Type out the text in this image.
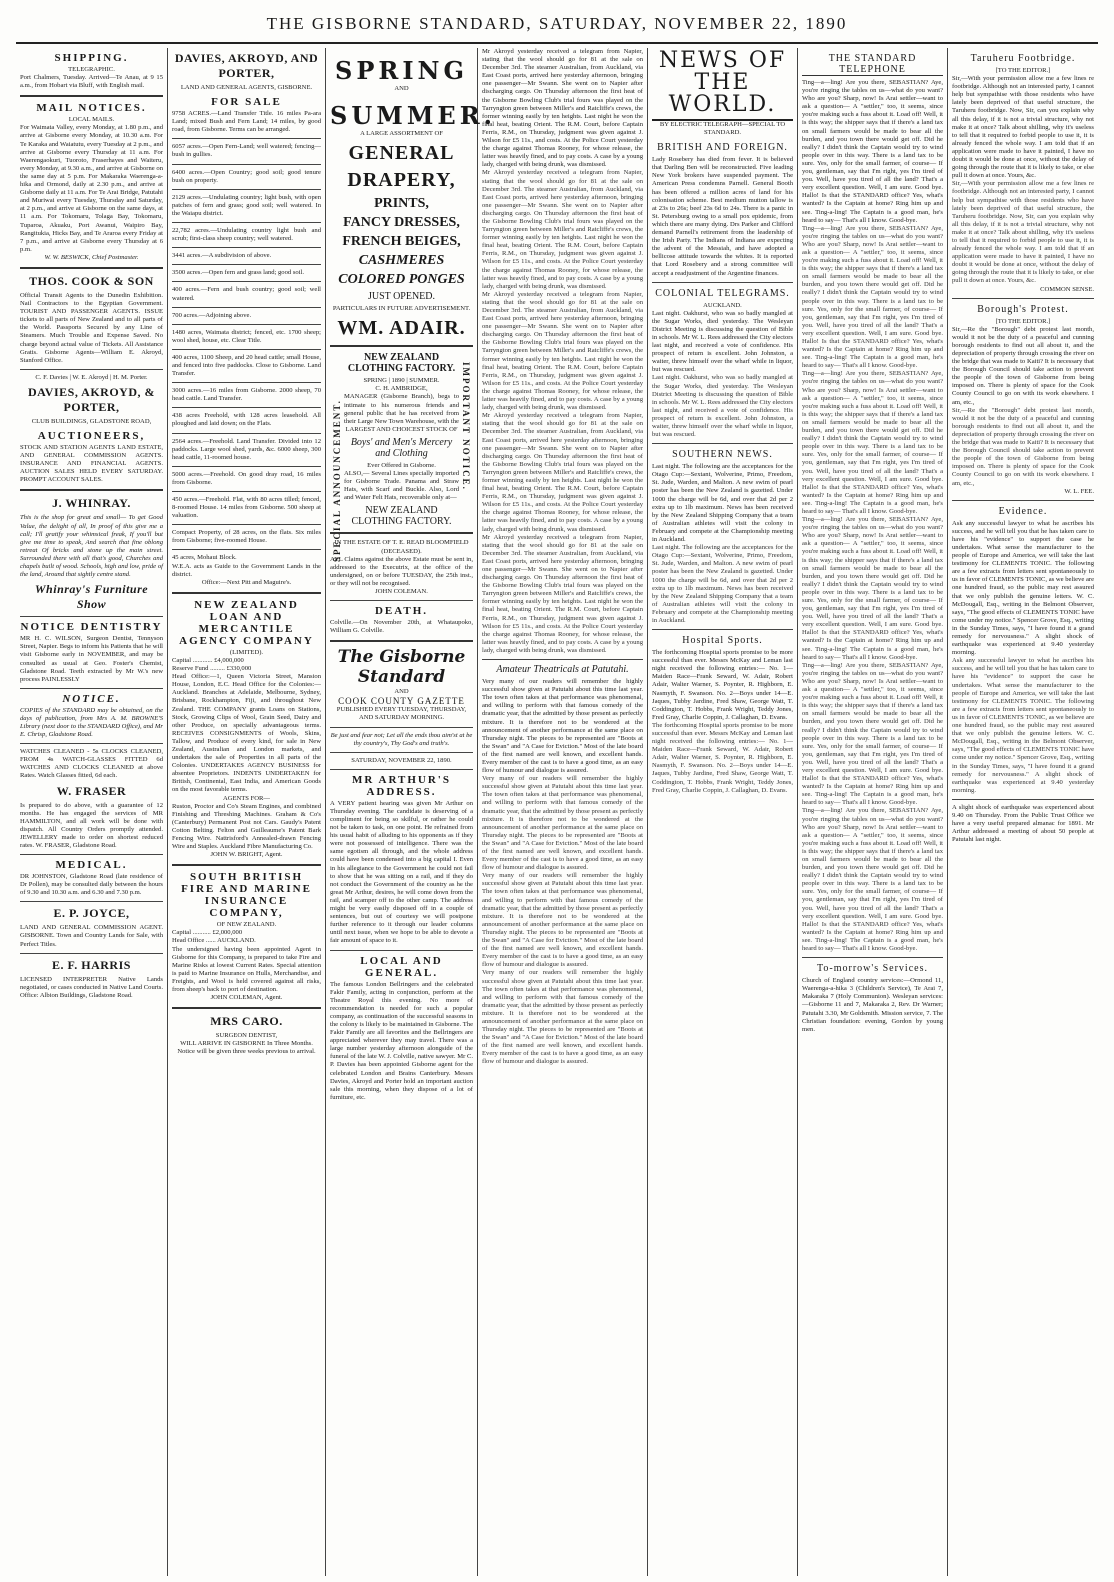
THE GISBORNE STANDARD, SATURDAY, NOVEMBER 22, 1890
SHIPPING.
TELEGRAPHIC.
Port Chalmers, Tuesday. Arrived—Te Anau, at 9 15 a.m., from Hobart via Bluff, with English mail.
MAIL NOTICES.
LOCAL MAILS.
For Waimata Valley, every Monday, at 1.80 p.m., and arrive at Gisborne every Monday, at 10.30 a.m. For Te Karaka and Waiatutu, every Tuesday at 2 p.m., and arrive at Gisborne every Thursday at 11 a.m. For Waerengaokuri, Tuoroto, Fraserhayes and Waiteru, every Monday, at 9.30 a.m., and arrive at Gisborne on the same day at 5 p.m. For Makaraka Waerenga-a-hika and Ormond, daily at 2.30 p.m., and arrive at Gisborne daily at 11 a.m. For Te Arai Bridge, Patutahi and Muriwai every Tuesday, Thursday and Saturday, at 2 p.m., and arrive at Gisborne on the same days, at 11 a.m. For Tokomaru, Tolaga Bay, Tokomaru, Tuparoa, Akuaku, Port Awanui, Waipiro Bay, Rangitukia, Hicks Bay, and Te Araroa every Friday at 7 p.m., and arrive at Gisborne every Thursday at 6 p.m.
W. W. BESWICK, Chief Postmaster.
THOS. COOK & SON
Official Transit Agents to the Dunedin Exhibition. Nail Contractors to the Egyptian Government. TOURIST AND PASSENGER AGENTS. ISSUE tickets to all parts of New Zealand and to all parts of the World. Passports Secured by any Line of Steamers. Much Trouble and Expense Saved. No charge beyond actual value of Tickets. All Assistance Gratis. Gisborne Agents—William E. Akroyd, Stanford Office.
C. F. Davies | W. E. Akroyd | H. M. Porter.
DAVIES, AKROYD, & PORTER,
CLUB BUILDINGS, GLADSTONE ROAD,
AUCTIONEERS,
STOCK AND STATION AGENTS LAND ESTATE, AND GENERAL COMMISSION AGENTS. INSURANCE AND FINANCIAL AGENTS. AUCTION SALES HELD EVERY SATURDAY. PROMPT ACCOUNT SALES.
J. WHINRAY.
This is the shop for great and small— To get Good Value, the delight of all, In proof of this give me a call; I'll gratify your whimsical freak, If you'll but give me time to speak, And search that fine oblong retreat Of bricks and stone up the main street. Surrounded there with all that's good, Churches and chapels built of wood. Schools, high and low, pride of the land, Around that sightly centre stand.
Whinray's Furniture Show
NOTICE DENTISTRY
MR H. C. WILSON, Surgeon Dentist, Tennyson Street, Napier. Begs to inform his Patients that he will visit Gisborne early in NOVEMBER, and may be consulted as usual at Geo. Foster's Chemist, Gladstone Road. Teeth extracted by Mr W.'s new process PAINLESSLY
NOTICE.
COPIES of the STANDARD may be obtained, on the days of publication, from Mrs A. M. BROWNE'S Library (next door to the STANDARD Office), and Mr E. Chrisp, Gladstone Road.
WATCHES CLEANED - 5s CLOCKS CLEANED, FROM 4s WATCH-GLASSES FITTED 6d WATCHES AND CLOCKS CLEANED at above Rates. Watch Glasses fitted, 6d each.
W. FRASER
Is prepared to do above, with a guarantee of 12 months. He has engaged the services of MR HAMMILTON, and all work will be done with dispatch. All Country Orders promptly attended. JEWELLERY made to order on shortest reduced rates. W. FRASER, Gladstone Road.
MEDICAL.
DR JOHNSTON, Gladstone Road (late residence of Dr Pollen), may be consulted daily between the hours of 9.30 and 10.30 a.m. and 6.30 and 7.30 p.m.
E. P. JOYCE,
LAND AND GENERAL COMMISSION AGENT. GISBORNE. Town and Country Lands for Sale, with Perfect Titles.
E. F. HARRIS
LICENSED INTERPRETER Native Lands negotiated, or cases conducted in Native Land Courts. Office: Albion Buildings, Gladstone Road.
DAVIES, AKROYD, AND PORTER,
LAND AND GENERAL AGENTS, GISBORNE.
FOR SALE
9758 ACRES.—Land Transfer Title. 16 miles Pa-ara Land; mixed Bush and Fern Land; 14 miles, by good road, from Gisborne. Terms can be arranged.
6057 acres.—Open Fern-Land; well watered; fencing—bush in gullies.
6400 acres.—Open Country; good soil; good tenure bush on property.
2129 acres.—Undulating country; light bush, with open patches of fern and grass; good soil; well watered. In the Waiapu district.
22,782 acres.—Undulating country light bush and scrub; first-class sheep country; well watered.
3441 acres.—A subdivision of above.
3500 acres.—Open fern and grass land; good soil.
400 acres.—Fern and bush country; good soil; well watered.
700 acres.—Adjoining above.
1480 acres, Waimata district; fenced, etc. 1700 sheep; wool shed, house, etc. Clear Title.
400 acres, 1100 Sheep, and 20 head cattle; small House, and fenced into five paddocks. Close to Gisborne. Land Transfer.
3000 acres.—16 miles from Gisborne. 2000 sheep, 70 head cattle. Land Transfer.
438 acres Freehold, with 128 acres leasehold. All ploughed and laid down; on the Flats.
2564 acres.—Freehold. Land Transfer. Divided into 12 paddocks. Large wool shed, yards, &c. 6000 sheep, 300 head cattle, 11-roomed house.
5000 acres.—Freehold. On good dray road, 16 miles from Gisborne.
450 acres.—Freehold. Flat, with 80 acres tilled; fenced, 8-roomed House. 14 miles from Gisborne. 500 sheep at valuation.
Compact Property, of 28 acres, on the flats. Six miles from Gisborne; five-roomed House.
45 acres, Mohaui Block.
W.E.A. acts as Guide to the Government Lands in the district.
Office:—Next Pitt and Maguire's.
NEW ZEALAND LOAN AND MERCANTILE AGENCY COMPANY
(LIMITED).
Capital ............ £4,000,000
Reserve Fund ......... £330,000
Head Office:—1, Queen Victoria Street, Mansion House, London, E.C. Head Office for the Colonies:—Auckland. Branches at Adelaide, Melbourne, Sydney, Brisbane, Rockhampton, Fiji, and throughout New Zealand. THE COMPANY grants Loans on Stations, Stock, Growing Clips of Wool, Grain Seed, Dairy and other Produce, on specially advantageous terms. RECEIVES CONSIGNMENTS of Wools, Skins, Tallow, and Produce of every kind, for sale in New Zealand, Australian and London markets, and undertakes the sale of Properties in all parts of the Colonies. UNDERTAKES AGENCY BUSINESS for absentee Proprietors. INDENTS UNDERTAKEN for British, Continental, East India, and American Goods on the most favorable terms.
AGENTS FOR—
Ruston, Proctor and Co's Steam Engines, and combined Finishing and Threshing Machines. Graham & Co's (Canterbury) Permanent Post not Cars. Gaudy's Patent Cotton Belting. Felton and Guilleaume's Patent Bark Fencing Wire. Nattrisford's Annealed-drawn Fencing Wire and Staples. Auckland Fibre Manufacturing Co.
JOHN W. BRIGHT, Agent.
SOUTH BRITISH FIRE AND MARINE INSURANCE COMPANY,
OF NEW ZEALAND.
Capital ........... £2,000,000
Head Office ...... AUCKLAND.
The undersigned having been appointed Agent in Gisborne for this Company, is prepared to take Fire and Marine Risks at lowest Current Rates. Special attention is paid to Marine Insurance on Hulls, Merchandise, and Freights, and Wool is held covered against all risks, from sheep's back to port of destination.
JOHN COLEMAN, Agent.
MRS CARO.
SURGEON DENTIST,
WILL ARRIVE IN GISBORNE In Three Months. Notice will be given three weeks previous to arrival.
SPRING
AND
SUMMER.
A LARGE ASSORTMENT OF
GENERAL
DRAPERY,
PRINTS,
FANCY DRESSES,
FRENCH BEIGES,
CASHMERES
COLORED PONGES
JUST OPENED.
PARTICULARS IN FUTURE ADVERTISEMENT.
WM. ADAIR.
SPECIAL ANNOUNCEMENT.	IMPORTANT NOTICE.
NEW ZEALAND CLOTHING FACTORY.
SPRING | 1890 | SUMMER.
C. H. AMBRIDGE,
MANAGER (Gisborne Branch), begs to intimate to his numerous friends and general public that he has received from their Large New Town Warehouse, with the
LARGEST AND CHOICEST STOCK OF
Boys' and Men's Mercery and Clothing
Ever Offered in Gisborne.
ALSO,— Several Lines specially imported for Gisborne Trade. Panama and Straw Hats, with Scarf and Buckle. Also, Lord and Water Felt Hats, recoverable only at—
NEW ZEALAND CLOTHING FACTORY.
IN THE ESTATE OF T. E. READ BLOOMFIELD (DECEASED).
ALL Claims against the above Estate must be sent in, addressed to the Executrix, at the office of the undersigned, on or before TUESDAY, the 25th inst., or they will not be recognised.
JOHN COLEMAN.
DEATH.
Colville.—On November 20th, at Whataupoko, William G. Colville.
The Gisborne Standard
AND
COOK COUNTY GAZETTE
PUBLISHED EVERY TUESDAY, THURSDAY, AND SATURDAY MORNING.
Be just and fear not; Let all the ends thou aim'st at be thy country's, Thy God's and truth's.
SATURDAY, NOVEMBER 22, 1890.
MR ARTHUR'S ADDRESS.
A VERY patient hearing was given Mr Arthur on Thursday evening. The candidate is deserving of a compliment for being so skilful, or rather he could not be taken to task, on one point. He refrained from his usual habit of alluding to his opponents as if they were not possessed of intelligence. There was the same egotism all through, and the whole address could have been condensed into a big capital I. Even in his allegiance to the Government he could not fail to show that he was sitting on a rail, and if they do not conduct the Government of the country as he the great Mr Arthur, desires, he will come down from the rail, and scamper off to the other camp. The address might be very easily disposed off in a couple of sentences, but out of courtesy we will postpone further reference to it through our leader columns until next issue, when we hope to be able to devote a fair amount of space to it.
LOCAL AND GENERAL.
The famous London Bellringers and the celebrated Fakir Family, acting in conjunction, perform at the Theatre Royal this evening. No more of recommendation is needed for such a popular company, as continuation of the successful seasons in the colony is likely to be maintained in Gisborne. The Fakir Family are all favorites and the Bellringers are appreciated wherever they may travel. There was a large number yesterday afternoon alongside of the funeral of the late W. J. Colville, native sawyer. Mr C. P. Davies has been appointed Gisborne agent for the celebrated London and Brains Canterbury. Messrs Davies, Akroyd and Porter hold an important auction sale this morning, when they dispose of a lot of furniture, etc.
Mr Akroyd yesterday received a telegram from Napier, stating that the wool should go for 81 at the sale on December 3rd. The steamer Australian, from Auckland, via East Coast ports, arrived here yesterday afternoon, bringing one passenger—Mr Swann. She went on to Napier after discharging cargo. On Thursday afternoon the first heat of the Gisborne Bowling Club's trial fours was played on the Tarryngton green between Miller's and Ratcliffe's crews, the former winning easily by ten heights. Last night he won the final heat, beating Orient. The R.M. Court, before Captain Ferris, R.M., on Thursday, judgment was given against J. Wilson for £5 11s., and costs. At the Police Court yesterday the charge against Thomas Rooney, for whose release, the latter was heavily fined, and to pay costs. A case by a young lady, charged with being drunk, was dismissed.
Mr Akroyd yesterday received a telegram from Napier, stating that the wool should go for 81 at the sale on December 3rd. The steamer Australian, from Auckland, via East Coast ports, arrived here yesterday afternoon, bringing one passenger—Mr Swann. She went on to Napier after discharging cargo. On Thursday afternoon the first heat of the Gisborne Bowling Club's trial fours was played on the Tarryngton green between Miller's and Ratcliffe's crews, the former winning easily by ten heights. Last night he won the final heat, beating Orient. The R.M. Court, before Captain Ferris, R.M., on Thursday, judgment was given against J. Wilson for £5 11s., and costs. At the Police Court yesterday the charge against Thomas Rooney, for whose release, the latter was heavily fined, and to pay costs. A case by a young lady, charged with being drunk, was dismissed.
Mr Akroyd yesterday received a telegram from Napier, stating that the wool should go for 81 at the sale on December 3rd. The steamer Australian, from Auckland, via East Coast ports, arrived here yesterday afternoon, bringing one passenger—Mr Swann. She went on to Napier after discharging cargo. On Thursday afternoon the first heat of the Gisborne Bowling Club's trial fours was played on the Tarryngton green between Miller's and Ratcliffe's crews, the former winning easily by ten heights. Last night he won the final heat, beating Orient. The R.M. Court, before Captain Ferris, R.M., on Thursday, judgment was given against J. Wilson for £5 11s., and costs. At the Police Court yesterday the charge against Thomas Rooney, for whose release, the latter was heavily fined, and to pay costs. A case by a young lady, charged with being drunk, was dismissed.
Mr Akroyd yesterday received a telegram from Napier, stating that the wool should go for 81 at the sale on December 3rd. The steamer Australian, from Auckland, via East Coast ports, arrived here yesterday afternoon, bringing one passenger—Mr Swann. She went on to Napier after discharging cargo. On Thursday afternoon the first heat of the Gisborne Bowling Club's trial fours was played on the Tarryngton green between Miller's and Ratcliffe's crews, the former winning easily by ten heights. Last night he won the final heat, beating Orient. The R.M. Court, before Captain Ferris, R.M., on Thursday, judgment was given against J. Wilson for £5 11s., and costs. At the Police Court yesterday the charge against Thomas Rooney, for whose release, the latter was heavily fined, and to pay costs. A case by a young lady, charged with being drunk, was dismissed.
Mr Akroyd yesterday received a telegram from Napier, stating that the wool should go for 81 at the sale on December 3rd. The steamer Australian, from Auckland, via East Coast ports, arrived here yesterday afternoon, bringing one passenger—Mr Swann. She went on to Napier after discharging cargo. On Thursday afternoon the first heat of the Gisborne Bowling Club's trial fours was played on the Tarryngton green between Miller's and Ratcliffe's crews, the former winning easily by ten heights. Last night he won the final heat, beating Orient. The R.M. Court, before Captain Ferris, R.M., on Thursday, judgment was given against J. Wilson for £5 11s., and costs. At the Police Court yesterday the charge against Thomas Rooney, for whose release, the latter was heavily fined, and to pay costs. A case by a young lady, charged with being drunk, was dismissed.
Amateur Theatricals at Patutahi.
Very many of our readers will remember the highly successful show given at Patutahi about this time last year. The town often takes at that performance was phenomenal, and willing to perform with that famous comedy of the dramatic year, that the admitted by those present as perfectly mixture. It is therefore not to be wondered at the announcement of another performance at the same place on Thursday night. The pieces to be represented are "Boots at the Swan" and "A Case for Eviction." Most of the late board of the first named are well known, and excellent hands. Every member of the cast is to have a good time, as an easy flow of humour and dialogue is assured.
Very many of our readers will remember the highly successful show given at Patutahi about this time last year. The town often takes at that performance was phenomenal, and willing to perform with that famous comedy of the dramatic year, that the admitted by those present as perfectly mixture. It is therefore not to be wondered at the announcement of another performance at the same place on Thursday night. The pieces to be represented are "Boots at the Swan" and "A Case for Eviction." Most of the late board of the first named are well known, and excellent hands. Every member of the cast is to have a good time, as an easy flow of humour and dialogue is assured.
Very many of our readers will remember the highly successful show given at Patutahi about this time last year. The town often takes at that performance was phenomenal, and willing to perform with that famous comedy of the dramatic year, that the admitted by those present as perfectly mixture. It is therefore not to be wondered at the announcement of another performance at the same place on Thursday night. The pieces to be represented are "Boots at the Swan" and "A Case for Eviction." Most of the late board of the first named are well known, and excellent hands. Every member of the cast is to have a good time, as an easy flow of humour and dialogue is assured.
Very many of our readers will remember the highly successful show given at Patutahi about this time last year. The town often takes at that performance was phenomenal, and willing to perform with that famous comedy of the dramatic year, that the admitted by those present as perfectly mixture. It is therefore not to be wondered at the announcement of another performance at the same place on Thursday night. The pieces to be represented are "Boots at the Swan" and "A Case for Eviction." Most of the late board of the first named are well known, and excellent hands. Every member of the cast is to have a good time, as an easy flow of humour and dialogue is assured.
NEWS OF THE WORLD.
BY ELECTRIC TELEGRAPH—SPECIAL TO STANDARD.
BRITISH AND FOREIGN.
Lady Rosebery has died from fever. It is believed that Darling Ben will be reconstructed. Five leading New York brokers have suspended payment. The American Press condemns Parnell. General Booth has been offered a million acres of land for his colonisation scheme. Best medium mutton tallow is at 23s to 26s; beef 23s 6d to 24s. There is a panic in St. Petersburg owing to a small pox epidemic, from which there are many dying. Drs Parker and Clifford demand Parnell's retirement from the leadership of the Irish Party. The Indians of Indiana are expecting the advent of the Messiah, and have adopted a bellicose attitude towards the whites. It is reported that Lord Rosebery and a strong committee will accept a readjustment of the Argentine finances.
COLONIAL TELEGRAMS.
AUCKLAND.
Last night. Oakhurst, who was so badly mangled at the Sugar Works, died yesterday. The Wesleyan District Meeting is discussing the question of Bible in schools. Mr W. L. Rees addressed the City electors last night, and received a vote of confidence. His prospect of return is excellent. John Johnston, a waiter, threw himself over the wharf while in liquor, but was rescued.
Last night. Oakhurst, who was so badly mangled at the Sugar Works, died yesterday. The Wesleyan District Meeting is discussing the question of Bible in schools. Mr W. L. Rees addressed the City electors last night, and received a vote of confidence. His prospect of return is excellent. John Johnston, a waiter, threw himself over the wharf while in liquor, but was rescued.
SOUTHERN NEWS.
Last night. The following are the acceptances for the Otago Cup:—Sextant, Wolverine, Primo, Freedom, St. Jude, Warden, and Malton. A new swim of pearl poster has been the New Zealand is gazetted. Under 1000 the charge will be 6d, and over that 2d per 2 extra up to 1lb maximum. News has been received by the New Zealand Shipping Company that a team of Australian athletes will visit the colony in February and compete at the Championship meeting in Auckland.
Last night. The following are the acceptances for the Otago Cup:—Sextant, Wolverine, Primo, Freedom, St. Jude, Warden, and Malton. A new swim of pearl poster has been the New Zealand is gazetted. Under 1000 the charge will be 6d, and over that 2d per 2 extra up to 1lb maximum. News has been received by the New Zealand Shipping Company that a team of Australian athletes will visit the colony in February and compete at the Championship meeting in Auckland.
Hospital Sports.
The forthcoming Hospital sports promise to be more successful than ever. Messrs McKay and Leman last night received the following entries:— No. 1—Maiden Race—Frank Seward, W. Adair, Robert Adair, Walter Warner, S. Poynter, R. Highborn, E. Nasmyth, F. Swanson. No. 2—Boys under 14—E. Jaques, Tubby Jardine, Fred Shaw, George Watt, T. Coddington, T. Hobbs, Frank Wright, Teddy Jones, Fred Gray, Charlie Coppin, J. Callaghan, D. Evans.
The forthcoming Hospital sports promise to be more successful than ever. Messrs McKay and Leman last night received the following entries:— No. 1—Maiden Race—Frank Seward, W. Adair, Robert Adair, Walter Warner, S. Poynter, R. Highborn, E. Nasmyth, F. Swanson. No. 2—Boys under 14—E. Jaques, Tubby Jardine, Fred Shaw, George Watt, T. Coddington, T. Hobbs, Frank Wright, Teddy Jones, Fred Gray, Charlie Coppin, J. Callaghan, D. Evans.
THE STANDARD TELEPHONE
Ting—a—ling! Are you there, SEBASTIAN? Aye, you're ringing the tables on us—what do you want? Who are you? Sharp, now! Is Arai settler—want to ask a question— A "settler," too, it seems, since you're making such a fuss about it. Load off! Well, it is this way; the shipper says that if there's a land tax on small farmers would be made to bear all the burden, and you town there would get off. Did he really? I didn't think the Captain would try to wind people over in this way. There is a land tax to be sure. Yes, only for the small farmer, of course— If you, gentleman, say that I'm right, yes I'm tired of you. Well, have you tired of all the land? That's a very excellent question. Well, I am sure. Good bye. Hallo! Is that the STANDARD office? Yes, what's wanted? Is the Captain at home? Ring him up and see. Ting-a-ling! The Captain is a good man, he's heard to say— That's all I know. Good-bye.
Ting—a—ling! Are you there, SEBASTIAN? Aye, you're ringing the tables on us—what do you want? Who are you? Sharp, now! Is Arai settler—want to ask a question— A "settler," too, it seems, since you're making such a fuss about it. Load off! Well, it is this way; the shipper says that if there's a land tax on small farmers would be made to bear all the burden, and you town there would get off. Did he really? I didn't think the Captain would try to wind people over in this way. There is a land tax to be sure. Yes, only for the small farmer, of course— If you, gentleman, say that I'm right, yes I'm tired of you. Well, have you tired of all the land? That's a very excellent question. Well, I am sure. Good bye. Hallo! Is that the STANDARD office? Yes, what's wanted? Is the Captain at home? Ring him up and see. Ting-a-ling! The Captain is a good man, he's heard to say— That's all I know. Good-bye.
Ting—a—ling! Are you there, SEBASTIAN? Aye, you're ringing the tables on us—what do you want? Who are you? Sharp, now! Is Arai settler—want to ask a question— A "settler," too, it seems, since you're making such a fuss about it. Load off! Well, it is this way; the shipper says that if there's a land tax on small farmers would be made to bear all the burden, and you town there would get off. Did he really? I didn't think the Captain would try to wind people over in this way. There is a land tax to be sure. Yes, only for the small farmer, of course— If you, gentleman, say that I'm right, yes I'm tired of you. Well, have you tired of all the land? That's a very excellent question. Well, I am sure. Good bye. Hallo! Is that the STANDARD office? Yes, what's wanted? Is the Captain at home? Ring him up and see. Ting-a-ling! The Captain is a good man, he's heard to say— That's all I know. Good-bye.
Ting—a—ling! Are you there, SEBASTIAN? Aye, you're ringing the tables on us—what do you want? Who are you? Sharp, now! Is Arai settler—want to ask a question— A "settler," too, it seems, since you're making such a fuss about it. Load off! Well, it is this way; the shipper says that if there's a land tax on small farmers would be made to bear all the burden, and you town there would get off. Did he really? I didn't think the Captain would try to wind people over in this way. There is a land tax to be sure. Yes, only for the small farmer, of course— If you, gentleman, say that I'm right, yes I'm tired of you. Well, have you tired of all the land? That's a very excellent question. Well, I am sure. Good bye. Hallo! Is that the STANDARD office? Yes, what's wanted? Is the Captain at home? Ring him up and see. Ting-a-ling! The Captain is a good man, he's heard to say— That's all I know. Good-bye.
Ting—a—ling! Are you there, SEBASTIAN? Aye, you're ringing the tables on us—what do you want? Who are you? Sharp, now! Is Arai settler—want to ask a question— A "settler," too, it seems, since you're making such a fuss about it. Load off! Well, it is this way; the shipper says that if there's a land tax on small farmers would be made to bear all the burden, and you town there would get off. Did he really? I didn't think the Captain would try to wind people over in this way. There is a land tax to be sure. Yes, only for the small farmer, of course— If you, gentleman, say that I'm right, yes I'm tired of you. Well, have you tired of all the land? That's a very excellent question. Well, I am sure. Good bye. Hallo! Is that the STANDARD office? Yes, what's wanted? Is the Captain at home? Ring him up and see. Ting-a-ling! The Captain is a good man, he's heard to say— That's all I know. Good-bye.
Ting—a—ling! Are you there, SEBASTIAN? Aye, you're ringing the tables on us—what do you want? Who are you? Sharp, now! Is Arai settler—want to ask a question— A "settler," too, it seems, since you're making such a fuss about it. Load off! Well, it is this way; the shipper says that if there's a land tax on small farmers would be made to bear all the burden, and you town there would get off. Did he really? I didn't think the Captain would try to wind people over in this way. There is a land tax to be sure. Yes, only for the small farmer, of course— If you, gentleman, say that I'm right, yes I'm tired of you. Well, have you tired of all the land? That's a very excellent question. Well, I am sure. Good bye. Hallo! Is that the STANDARD office? Yes, what's wanted? Is the Captain at home? Ring him up and see. Ting-a-ling! The Captain is a good man, he's heard to say— That's all I know. Good-bye.
To-morrow's Services.
Church of England country services:—Ormond 11, Waerenga-a-hika 3 (Children's Service), Te Arai 7, Makaraka 7 (Holy Communion). Wesleyan services:—Gisborne 11 and 7, Makaraka 2, Rev. Dr Warner; Patutahi 3.30, Mr Goldsmith. Mission service, 7. The Christian foundation: evening, Gordon by young men.
Taruheru Footbridge.
[TO THE EDITOR.]
Sir,—With your permission allow me a few lines re footbridge. Although not an interested party, I cannot help but sympathise with those residents who have lately been deprived of that useful structure, the Taruheru footbridge. Now, Sir, can you explain why all this delay, if it is not a trivial structure, why not make it at once? Talk about shilling, why it's useless to tell that it required to forbid people to use it, it is already fenced the whole way. I am told that if an application were made to have it painted, I have no doubt it would be done at once, without the delay of going through the route that it is likely to take, or else pull it down at once. Yours, &c.
Sir,—With your permission allow me a few lines re footbridge. Although not an interested party, I cannot help but sympathise with those residents who have lately been deprived of that useful structure, the Taruheru footbridge. Now, Sir, can you explain why all this delay, if it is not a trivial structure, why not make it at once? Talk about shilling, why it's useless to tell that it required to forbid people to use it, it is already fenced the whole way. I am told that if an application were made to have it painted, I have no doubt it would be done at once, without the delay of going through the route that it is likely to take, or else pull it down at once. Yours, &c.
COMMON SENSE.
Borough's Protest.
[TO THE EDITOR.]
Sir,—Re the "Borough" debt protest last month, would it not be the duty of a peaceful and cunning borough residents to find out all about it, and the depreciation of property through crossing the river on the bridge that was made to Kaiti? It is necessary that the Borough Council should take action to prevent the people of the town of Gisborne from being imposed on. There is plenty of space for the Cook County Council to go on with its work elsewhere. I am, etc.,
Sir,—Re the "Borough" debt protest last month, would it not be the duty of a peaceful and cunning borough residents to find out all about it, and the depreciation of property through crossing the river on the bridge that was made to Kaiti? It is necessary that the Borough Council should take action to prevent the people of the town of Gisborne from being imposed on. There is plenty of space for the Cook County Council to go on with its work elsewhere. I am, etc.,
W. L. FEE.
Evidence.
Ask any successful lawyer to what he ascribes his success, and he will tell you that he has taken care to have his "evidence" to support the case he undertakes. What sense the manufacturer to the people of Europe and America, we will take the last testimony for CLEMENTS TONIC. The following are a few extracts from letters sent spontaneously to us in favor of CLEMENTS TONIC, as we believe are one hundred fraud, so the public may rest assured that we only publish the genuine letters. W. C. McDougall, Esq., writing in the Belmont Observer, says, "The good effects of CLEMENTS TONIC have come under my notice." Spencer Grove, Esq., writing in the Sunday Times, says, "I have found it a grand remedy for nervousness." A slight shock of earthquake was experienced at 9.40 yesterday morning.
Ask any successful lawyer to what he ascribes his success, and he will tell you that he has taken care to have his "evidence" to support the case he undertakes. What sense the manufacturer to the people of Europe and America, we will take the last testimony for CLEMENTS TONIC. The following are a few extracts from letters sent spontaneously to us in favor of CLEMENTS TONIC, as we believe are one hundred fraud, so the public may rest assured that we only publish the genuine letters. W. C. McDougall, Esq., writing in the Belmont Observer, says, "The good effects of CLEMENTS TONIC have come under my notice." Spencer Grove, Esq., writing in the Sunday Times, says, "I have found it a grand remedy for nervousness." A slight shock of earthquake was experienced at 9.40 yesterday morning.
A slight shock of earthquake was experienced about 9.40 on Thursday. From the Public Trust Office we have a very useful prepared almanac for 1891. Mr Arthur addressed a meeting of about 50 people at Patutahi last night.
